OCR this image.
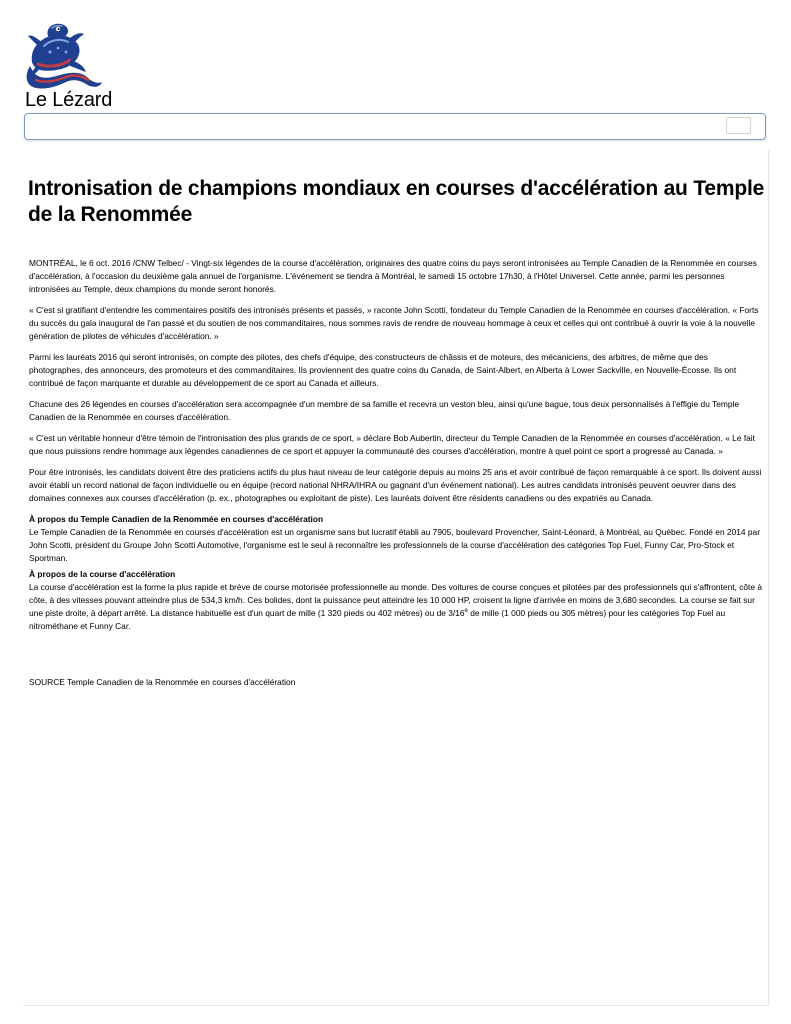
Le Lézard
Intronisation de champions mondiaux en courses d'accélération au Temple de la Renommée

MONTRÉAL, le 6 oct. 2016 /CNW Telbec/ - Vingt-six légendes de la course d'accélération, originaires des quatre coins du pays seront intronisées au Temple Canadien de la Renommée en courses d'accélération, à l'occasion du deuxième gala annuel de l'organisme. L'événement se tiendra à Montréal, le samedi 15 octobre 17h30, à l'Hôtel Universel. Cette année, parmi les personnes intronisées au Temple, deux champions du monde seront honorés.

« C'est si gratifiant d'entendre les commentaires positifs des intronisés présents et passés, » raconte John Scotti, fondateur du Temple Canadien de la Renommée en courses d'accélération. « Forts du succès du gala inaugural de l'an passé et du soutien de nos commanditaires, nous sommes ravis de rendre de nouveau hommage à ceux et celles qui ont contribué à ouvrir la voie à la nouvelle génération de pilotes de véhicules d'accélération. »

Parmi les lauréats 2016 qui seront intronisés, on compte des pilotes, des chefs d'équipe, des constructeurs de châssis et de moteurs, des mécaniciens, des arbitres, de même que des photographes, des annonceurs, des promoteurs et des commanditaires. Ils proviennent des quatre coins du Canada, de Saint-Albert, en Alberta à Lower Sackville, en Nouvelle-Écosse. Ils ont contribué de façon marquante et durable au développement de ce sport au Canada et ailleurs.

Chacune des 26 légendes en courses d'accélération sera accompagnée d'un membre de sa famille et recevra un veston bleu, ainsi qu'une bague, tous deux personnalisés à l'effigie du Temple Canadien de la Renommée en courses d'accélération.

« C'est un véritable honneur d'être témoin de l'intronisation des plus grands de ce sport, » déclare Bob Aubertin, directeur du Temple Canadien de la Renommée en courses d'accélération. « Le fait que nous puissions rendre hommage aux légendes canadiennes de ce sport et appuyer la communauté des courses d'accélération, montre à quel point ce sport a progressé au Canada. »

Pour être intronisés, les candidats doivent être des praticiens actifs du plus haut niveau de leur catégorie depuis au moins 25 ans et avoir contribué de façon remarquable à ce sport. Ils doivent aussi avoir établi un record national de façon individuelle ou en équipe (record national NHRA/IHRA ou gagnant d'un événement national). Les autres candidats intronisés peuvent oeuvrer dans des domaines connexes aux courses d'accélération (p. ex., photographes ou exploitant de piste). Les lauréats doivent être résidents canadiens ou des expatriés au Canada.

À propos du Temple Canadien de la Renommée en courses d'accélération

Le Temple Canadien de la Renommée en courses d'accélération est un organisme sans but lucratif établi au 7905, boulevard Provencher, Saint-Léonard, à Montréal, au Québec. Fondé en 2014 par John Scotti, président du Groupe John Scotti Automotive, l'organisme est le seul à reconnaître les professionnels de la course d'accélération des catégories Top Fuel, Funny Car, Pro-Stock et Sportman.

À propos de la course d'accélération

La course d'accélération est la forme la plus rapide et brève de course motorisée professionnelle au monde. Des voitures de course conçues et pilotées par des professionnels qui s'affrontent, côte à côte, à des vitesses pouvant atteindre plus de 534,3 km/h. Ces bolides, dont la puissance peut atteindre les 10 000 HP, croisent la ligne d'arrivée en moins de 3,680 secondes. La course se fait sur une piste droite, à départ arrêté. La distance habituelle est d'un quart de mille (1 320 pieds ou 402 mètres) ou de 3/16e de mille (1 000 pieds ou 305 mètres) pour les catégories Top Fuel au nitrométhane et Funny Car.

SOURCE Temple Canadien de la Renommée en courses d'accélération
